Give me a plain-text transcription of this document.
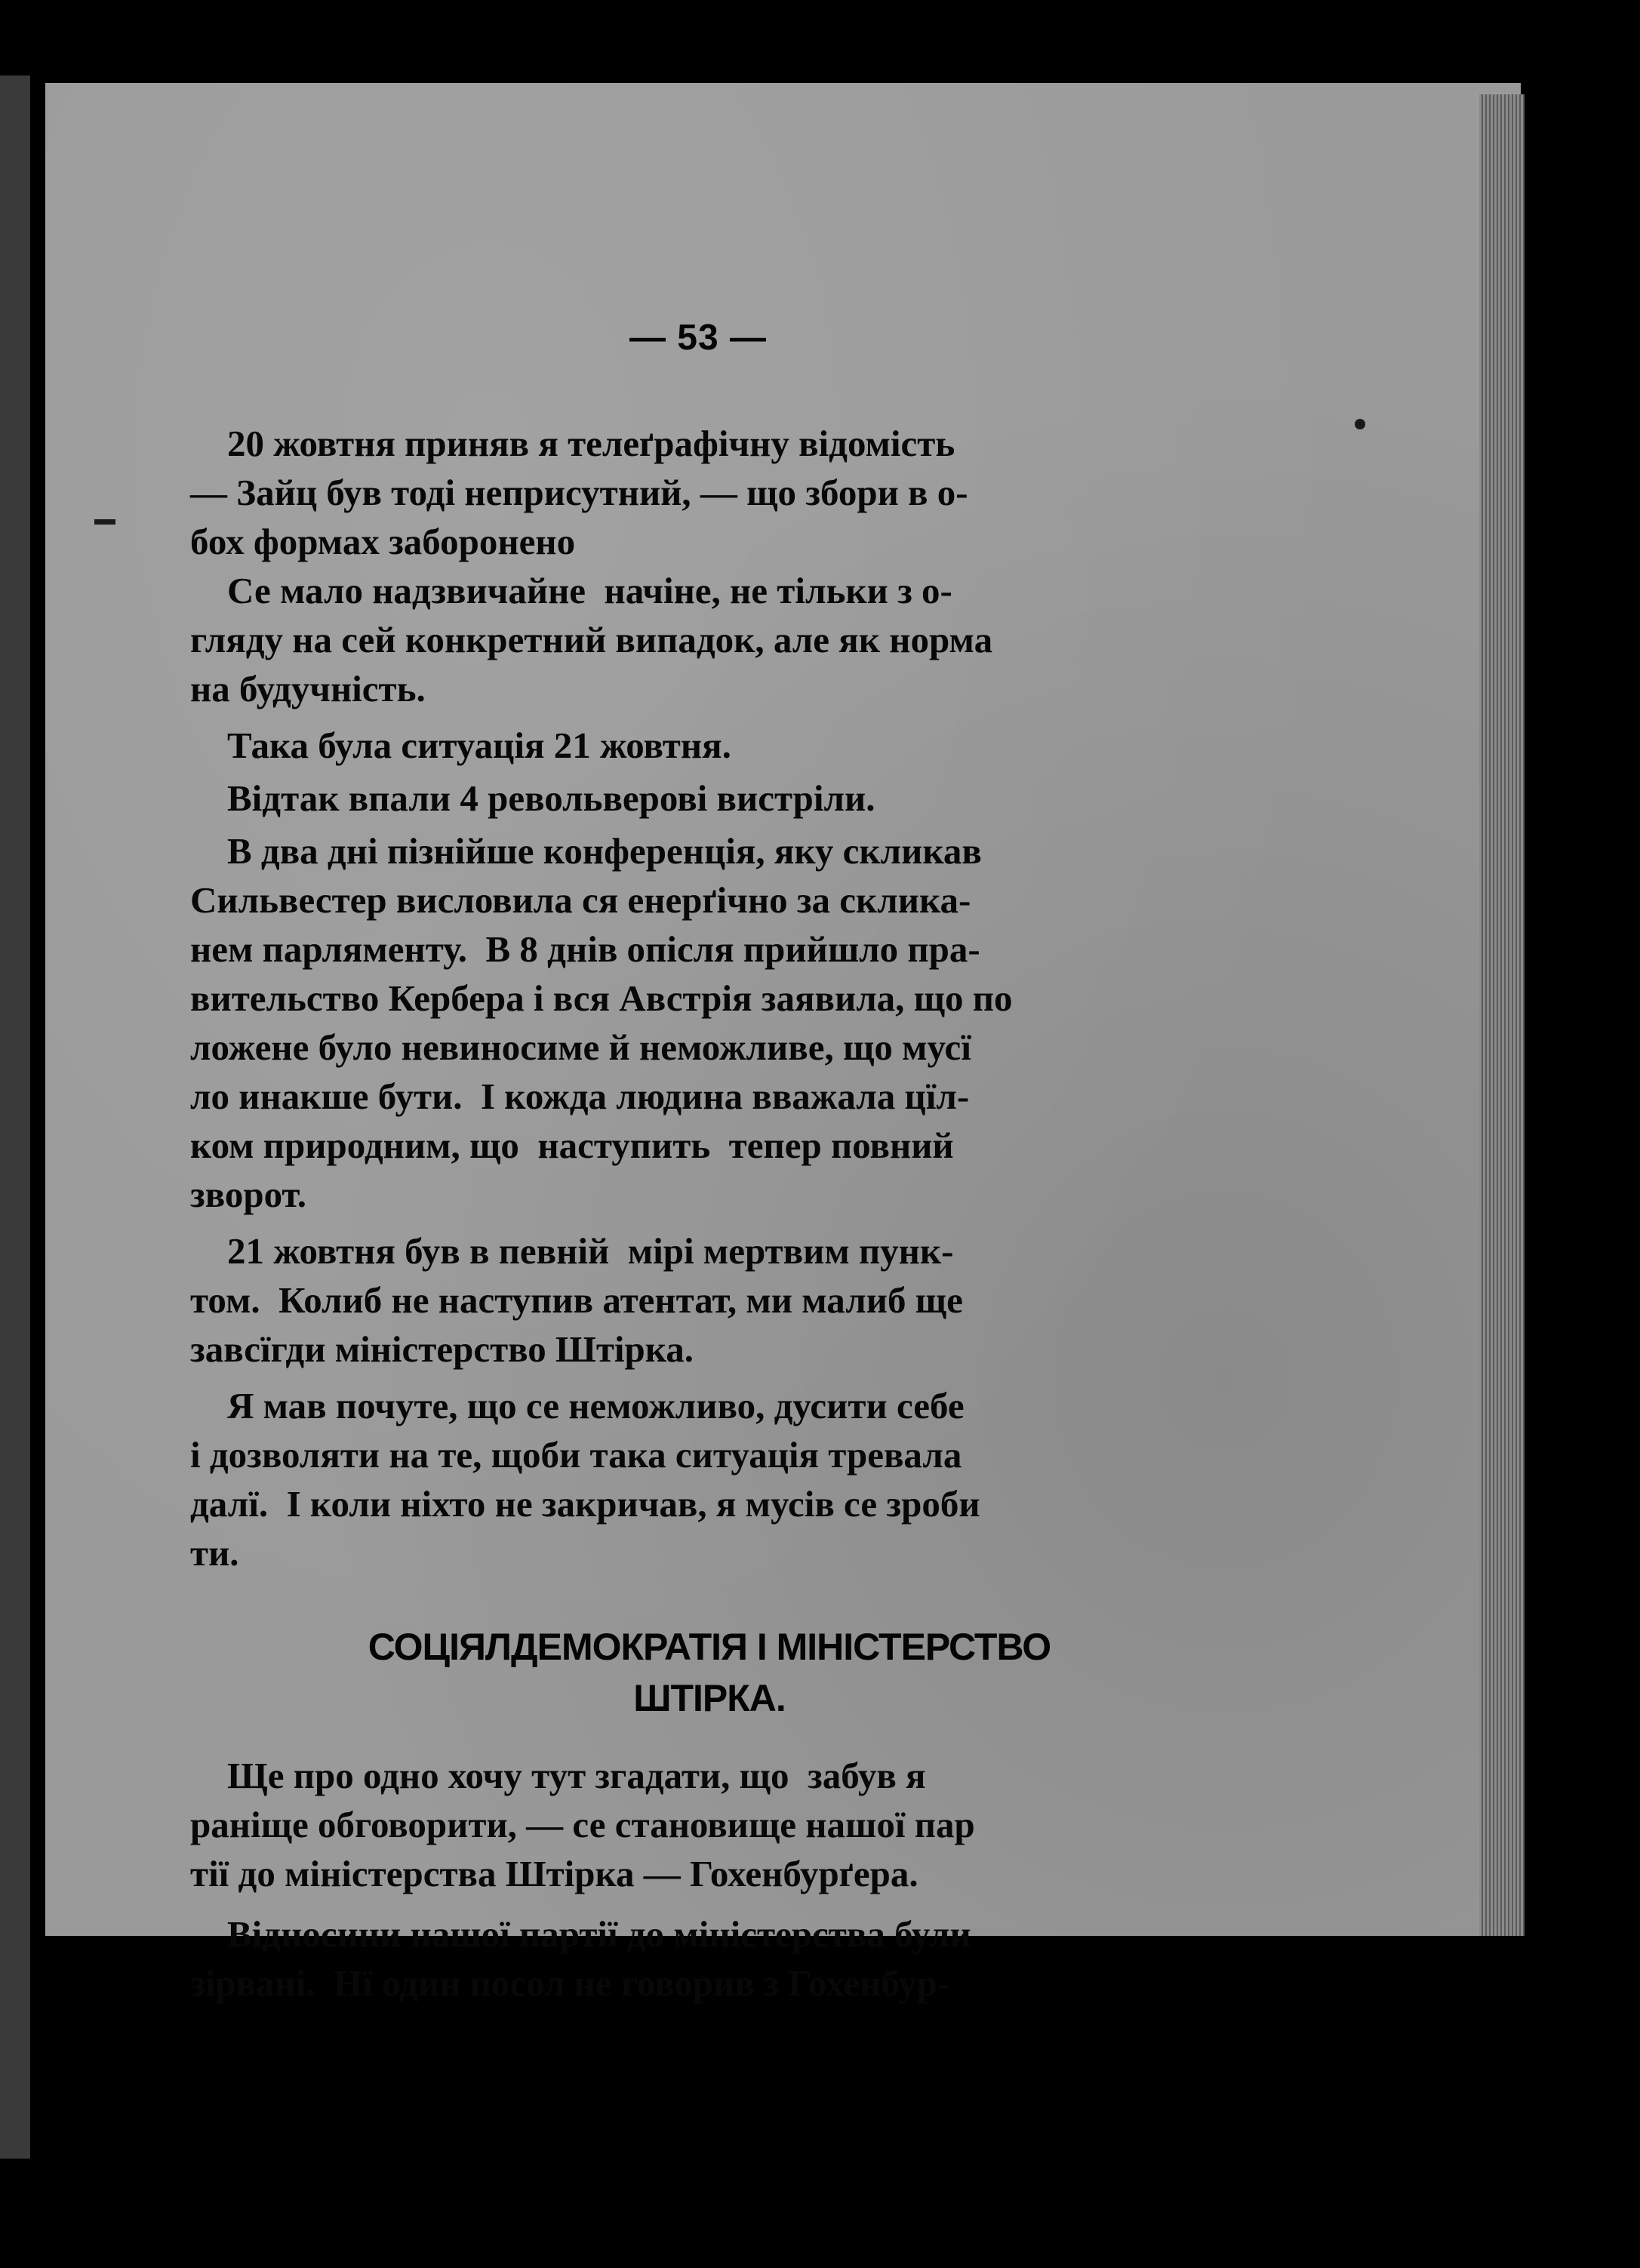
— 53 —
20 жовтня приняв я телеґрафічну відомість
— Зайц був тоді неприсутний, — що збори в о-
бох формах заборонено
Се мало надзвичайне  начіне, не тільки з о-
гляду на сей конкретний випадок, але як норма
на будучність.
Така була ситуація 21 жовтня.
Відтак впали 4 револьверові вистріли.
В два дні пізнійше конференція, яку скликав
Сильвестер висловила ся енерґічно за склика-
нем парляменту.  В 8 днів опісля прийшло пра-
вительство Кербера і вся Австрія заявила, що по
ложене було невиносиме й неможливе, що мусї
ло инакше бути.  І кожда людина вважала цїл-
ком природним, що  наступить  тепер повний
зворот.
21 жовтня був в певній  мірі мертвим пунк-
том.  Колиб не наступив атентат, ми малиб ще
завсїгди міністерство Штірка.
Я мав почуте, що се неможливо, дусити себе
і дозволяти на те, щоби така ситуація тревала
далї.  І коли ніхто не закричав, я мусів се зроби
ти.
СОЦІЯЛДЕМОКРАТІЯ І МІНІСТЕРСТВО
ШТІРКА.
Ще про одно хочу тут згадати, що  забув я
раніще обговорити, — се становище нашої пар
тії до міністерства Штірка — Гохенбурґера.
Відносини нашої партії до міністерства були
зірвані.  Нї один посол не говорив з Гохенбур-
